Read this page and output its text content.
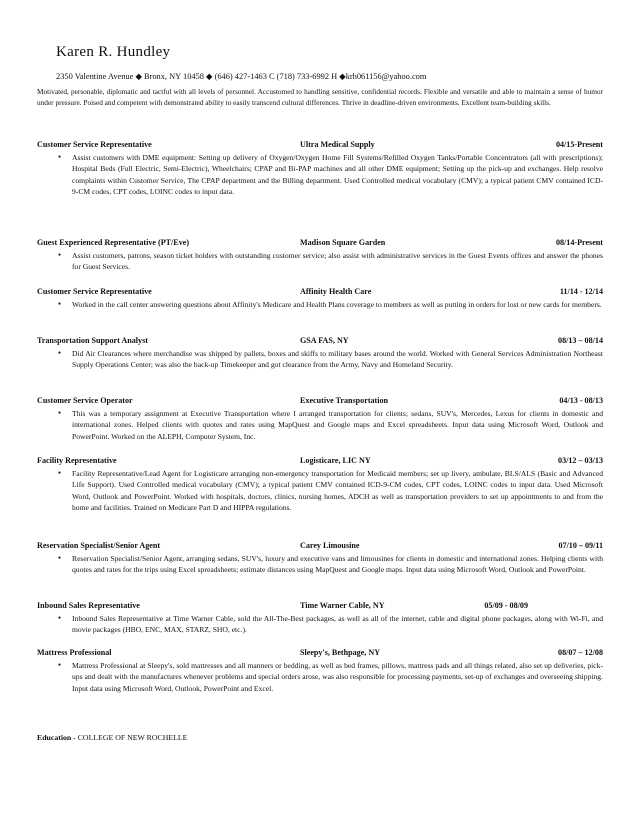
Karen R. Hundley
2350 Valentine Avenue ◆ Bronx, NY 10458 ◆ (646) 427-1463 C (718) 733-6992 H ◆krh061156@yahoo.com
Motivated, personable, diplomatic and tactful with all levels of personnel. Accustomed to handling sensitive, confidential records. Flexible and versatile and able to maintain a sense of humor under pressure. Poised and competent with demonstrated ability to easily transcend cultural differences. Thrive in deadline-driven environments. Excellent team-building skills.
Customer Service Representative	Ultra Medical Supply	04/15-Present
● Assist customers with DME equipment: Setting up delivery of Oxygen/Oxygen Home Fill Systems/Refilled Oxygen Tanks/Portable Concentrators (all with prescriptions); Hospital Beds (Full Electric, Semi-Electric), Wheelchairs; CPAP and Bi-PAP machines and all other DME equipment; Setting up the pick-up and exchanges. Help resolve complaints within Customer Service, The CPAP department and the Billing department. Used Controlled medical vocabulary (CMV); a typical patient CMV contained ICD-9-CM codes, CPT codes, LOINC codes to input data.
Guest Experienced Representative (PT/Eve)	Madison Square Garden	08/14-Present
● Assist customers, patrons, season ticket holders with outstanding customer service; also assist with administrative services in the Guest Events offices and answer the phones for Guest Services.
Customer Service Representative	Affinity Health Care	11/14 - 12/14
● Worked in the call center answering questions about Affinity's Medicare and Health Plans coverage to members as well as putting in orders for lost or new cards for members.
Transportation Support Analyst	GSA FAS, NY	08/13 – 08/14
● Did Air Clearances where merchandise was shipped by pallets, boxes and skiffs to military bases around the world. Worked with General Services Administration Northeast Supply Operations Center; was also the back-up Timekeeper and got clearance from the Army, Navy and Homeland Security.
Customer Service Operator	Executive Transportation	04/13 - 08/13
● This was a temporary assignment at Executive Transportation where I arranged transportation for clients; sedans, SUV's, Mercedes, Lexus for clients in domestic and international zones. Helped clients with quotes and rates using MapQuest and Google maps and Excel spreadsheets. Input data using Microsoft Word, Outlook and PowerPoint. Worked on the ALEPH, Computer System, Inc.
Facility Representative	Logisticare, LIC NY	03/12 – 03/13
● Facility Representative/Lead Agent for Logisticare arranging non-emergency transportation for Medicaid members; set up livery, ambulate, BLS/ALS (Basic and Advanced Life Support). Used Controlled medical vocabulary (CMV); a typical patient CMV contained ICD-9-CM codes, CPT codes, LOINC codes to input data. Used Microsoft Word, Outlook and PowerPoint. Worked with hospitals, doctors, clinics, nursing homes, ADCH as well as transportation providers to set up appointments to and from the home and facilities. Trained on Medicare Part D and HIPPA regulations.
Reservation Specialist/Senior Agent	Carey Limousine	07/10 – 09/11
● Reservation Specialist/Senior Agent, arranging sedans, SUV's, luxury and executive vans and limousines for clients in domestic and international zones. Helping clients with quotes and rates for the trips using Excel spreadsheets; estimate distances using MapQuest and Google maps. Input data using Microsoft Word, Outlook and PowerPoint.
Inbound Sales Representative	Time Warner Cable, NY	05/09 - 08/09
● Inbound Sales Representative at Time Warner Cable, sold the All-The-Best packages, as well as all of the internet, cable and digital phone packages, along with Wi-Fi, and movie packages (HBO, ENC, MAX, STARZ, SHO, etc.).
Mattress Professional	Sleepy's, Bethpage, NY	08/07 – 12/08
● Mattress Professional at Sleepy's, sold mattresses and all manners or bedding, as well as bed frames, pillows, mattress pads and all things related, also set up deliveries, pick-ups and dealt with the manufactures whenever problems and special orders arose, was also responsible for processing payments, set-up of exchanges and overseeing shipping. Input data using Microsoft Word, Outlook, PowerPoint and Excel.
Education - COLLEGE OF NEW ROCHELLE
